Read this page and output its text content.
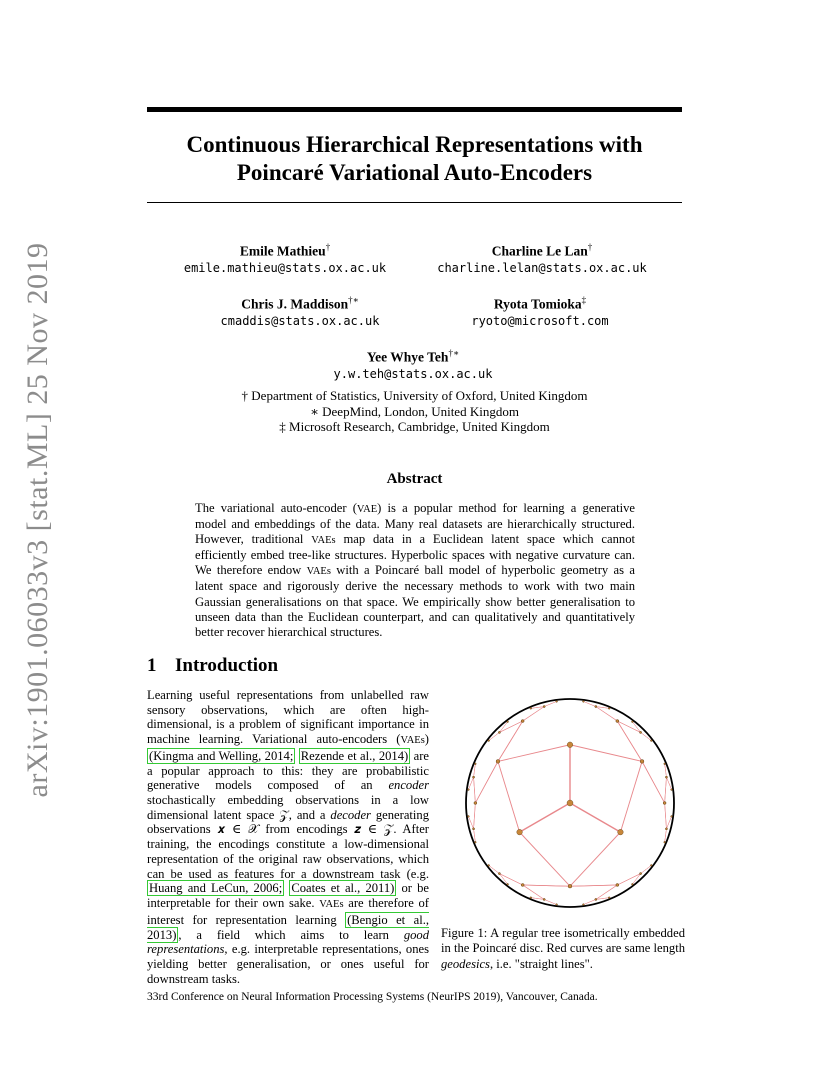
arXiv:1901.06033v3 [stat.ML] 25 Nov 2019
Continuous Hierarchical Representations with
Poincaré Variational Auto-Encoders
Emile Mathieu†
emile.mathieu@stats.ox.ac.uk
Charline Le Lan†
charline.lelan@stats.ox.ac.uk
Chris J. Maddison†∗
cmaddis@stats.ox.ac.uk
Ryota Tomioka‡
ryoto@microsoft.com
Yee Whye Teh†∗
y.w.teh@stats.ox.ac.uk
† Department of Statistics, University of Oxford, United Kingdom
∗ DeepMind, London, United Kingdom
‡ Microsoft Research, Cambridge, United Kingdom
Abstract
The variational auto-encoder (VAE) is a popular method for learning a generative model and embeddings of the data. Many real datasets are hierarchically structured. However, traditional VAEs map data in a Euclidean latent space which cannot efficiently embed tree-like structures. Hyperbolic spaces with negative curvature can. We therefore endow VAEs with a Poincaré ball model of hyperbolic geometry as a latent space and rigorously derive the necessary methods to work with two main Gaussian generalisations on that space. We empirically show better generalisation to unseen data than the Euclidean counterpart, and can qualitatively and quantitatively better recover hierarchical structures.
1 Introduction
Learning useful representations from unlabelled raw sensory observations, which are often high-dimensional, is a problem of significant importance in machine learning. Variational auto-encoders (VAEs) (Kingma and Welling, 2014; Rezende et al., 2014) are a popular approach to this: they are probabilistic generative models composed of an encoder stochastically embedding observations in a low dimensional latent space 𝒵, and a decoder generating observations 𝒙 ∈ 𝒳 from encodings 𝒛 ∈ 𝒵. After training, the encodings constitute a low-dimensional representation of the original raw observations, which can be used as features for a downstream task (e.g. Huang and LeCun, 2006; Coates et al., 2011) or be interpretable for their own sake. VAEs are therefore of interest for representation learning (Bengio et al., 2013) , a field which aims to learn good representations, e.g. interpretable representations, ones yielding better generalisation, or ones useful for downstream tasks.
Figure 1: A regular tree isometrically embedded in the Poincaré disc. Red curves are same length geodesics, i.e. "straight lines".
33rd Conference on Neural Information Processing Systems (NeurIPS 2019), Vancouver, Canada.
